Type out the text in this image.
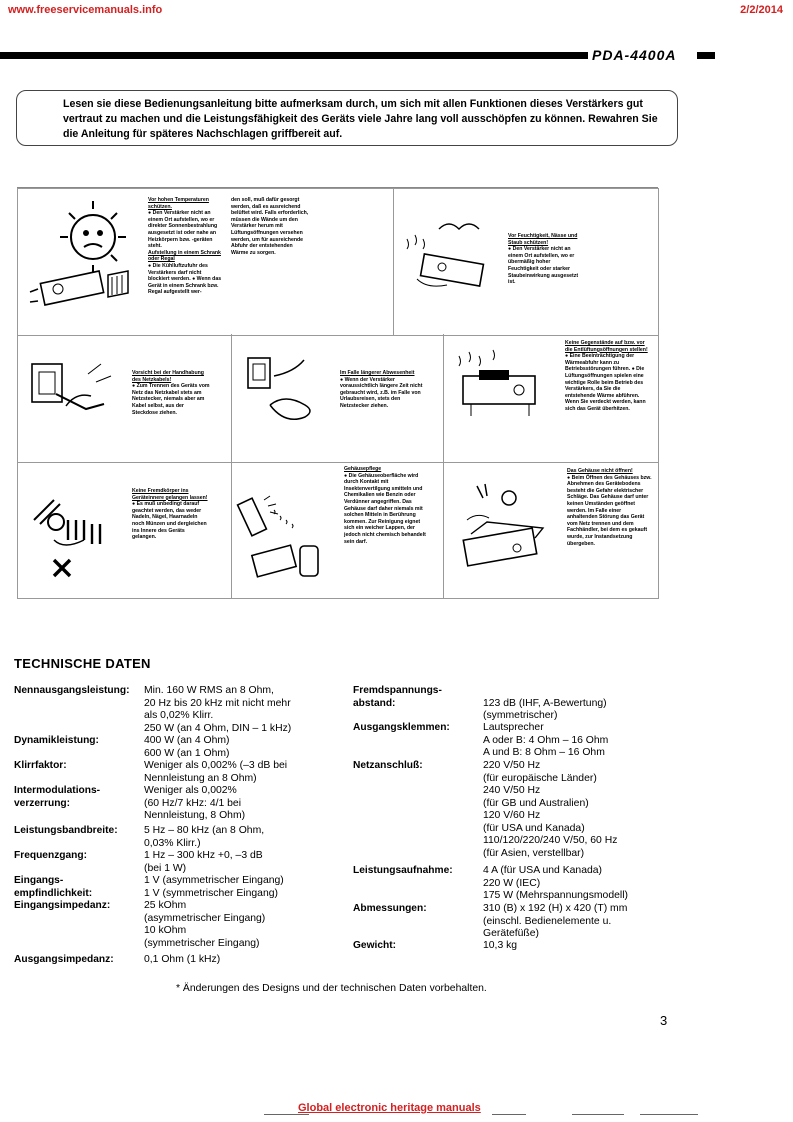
www.freeservicemanuals.info	2/2/2014
PDA-4400A

Lesen sie diese Bedienungsanleitung bitte aufmerksam durch, um sich mit allen Funktionen dieses Verstärkers gut vertraut zu machen und die Leistungsfähigkeit des Geräts viele Jahre lang voll ausschöpfen zu können. Rewahren Sie die Anleitung für späteres Nachschlagen griffbereit auf.

Vor hohen Temperaturen schützen.
● Den Verstärker nicht an einem Ort aufstellen, wo er direkter Sonnenbestrahlung ausgesetzt ist oder nahe an Heizkörpern bzw. -geräten steht.
Aufstellung in einem Schrank oder Regal
● Die Kühlluftzufuhr des Verstärkers darf nicht blockiert werden. ● Wenn das Gerät in einem Schrank bzw. Regal aufgestellt wer-
den soll, muß dafür gesorgt werden, daß es ausreichend belüftet wird. Falls erforderlich, müssen die Wände um den Verstärker herum mit Lüftungsöffnungen versehen werden, um für ausreichende Abfuhr der entstehenden Wärme zu sorgen.
Vor Feuchtigkeit, Nässe und Staub schützen!
● Den Verstärker nicht an einem Ort aufstellen, wo er übermäßig hoher Feuchtigkeit oder starker Staubeinwirkung ausgesetzt ist.
Vorsicht bei der Handhabung des Netzkabels!
● Zum Trennen des Geräts vom Netz das Netzkabel stets am Netzstecker, niemals aber am Kabel selbst, aus der Steckdose ziehen.
Im Falle längerer Abwesenheit
● Wenn der Verstärker voraussichtlich längere Zeit nicht gebraucht wird, z.B. im Falle von Urlaubsreisen, stets den Netzstecker ziehen.
Keine Gegenstände auf bzw. vor die Entlüftungsöffnungen stellen!
● Eine Beeinträchtigung der Wärmeabfuhr kann zu Betriebsstörungen führen. ● Die Lüftungsöffnungen spielen eine wichtige Rolle beim Betrieb des Verstärkers, da Sie die entstehende Wärme abführen. Wenn Sie verdeckt werden, kann sich das Gerät überhitzen.
Keine Fremdkörper ins Geräteinnere gelangen lassen!
● Es muß unbedingt darauf geachtet werden, das weder Nadeln, Nägel, Haarnadeln noch Münzen und dergleichen ins Innere des Geräts gelangen.
Gehäusepflege
● Die Gehäuseoberfläche wird durch Kontakt mit Insektenvertilgung smitteln und Chemikalien wie Benzin oder Verdünner angegriffen. Das Gehäuse darf daher niemals mit solchen Mitteln in Berührung kommen. Zur Reinigung eignet sich ein weicher Lappen, der jedoch nicht chemisch behandelt sein darf.
Das Gehäuse nicht öffnen!
● Beim Öffnen des Gehäuses bzw. Abnehmen des Gerätebodens besteht die Gefahr elektrischer Schläge. Das Gehäuse darf unter keinen Umständen geöffnet werden. Im Falle einer anhaltenden Störung das Gerät vom Netz trennen und dem Fachhändler, bei dem es gekauft wurde, zur Instandsetzung übergeben.
TECHNISCHE DATEN
Nennausgangsleistung: Min. 160 W RMS an 8 Ohm,
20 Hz bis 20 kHz mit nicht mehr
als 0,02% Klirr.
250 W (an 4 Ohm, DIN – 1 kHz)
Dynamikleistung:	400 W (an 4 Ohm)
600 W (an 1 Ohm)
Klirrfaktor:	Weniger als 0,002% (–3 dB bei
Nennleistung an 8 Ohm)
Intermodulations-
verzerrung:
Weniger als 0,002%
(60 Hz/7 kHz: 4/1 bei
Nennleistung, 8 Ohm)
Leistungsbandbreite:	5 Hz – 80 kHz (an 8 Ohm,
0,03% Klirr.)
Frequenzgang:	1 Hz – 300 kHz +0, –3 dB
(bei 1 W)
Eingangs-
empfindlichkeit:
1 V (asymmetrischer Eingang)
1 V (symmetrischer Eingang)
Eingangsimpedanz:	25 kOhm
(asymmetrischer Eingang)
10 kOhm
(symmetrischer Eingang)
Ausgangsimpedanz:	0,1 Ohm (1 kHz)
Fremdspannungs-
abstand:	123 dB (IHF, A-Bewertung)
(symmetrischer)
Ausgangsklemmen:	Lautsprecher
A oder B: 4 Ohm – 16 Ohm
A und B: 8 Ohm – 16 Ohm
Netzanschluß:	220 V/50 Hz
(für europäische Länder)
240 V/50 Hz
(für GB und Australien)
120 V/60 Hz
(für USA und Kanada)
110/120/220/240 V/50, 60 Hz
(für Asien, verstellbar)
Leistungsaufnahme:	4 A (für USA und Kanada)
220 W (IEC)
175 W (Mehrspannungsmodell)
Abmessungen:	310 (B) x 192 (H) x 420 (T) mm
(einschl. Bedienelemente u.
Gerätefüße)
Gewicht:	10,3 kg
* Änderungen des Designs und der technischen Daten vorbehalten.
3
Global electronic heritage manuals
